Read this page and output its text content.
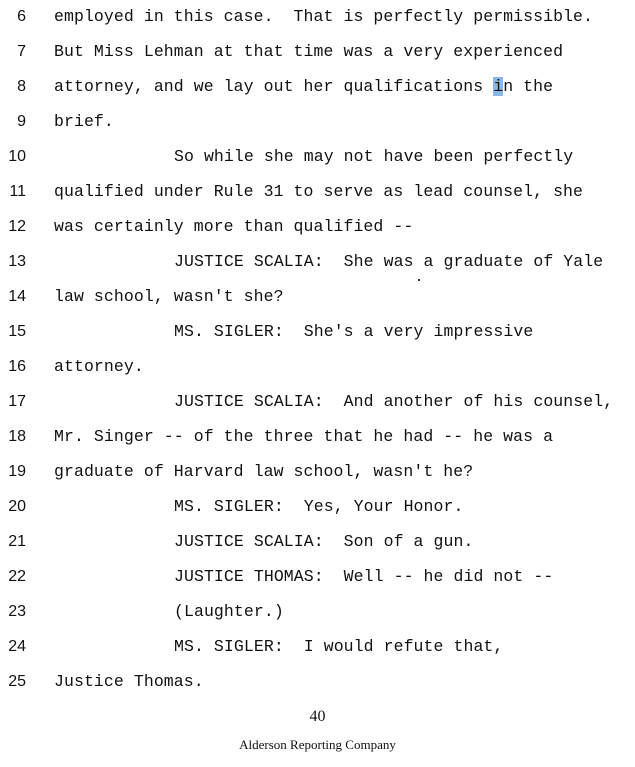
6 employed in this case.  That is perfectly permissible.
7 But Miss Lehman at that time was a very experienced
8 attorney, and we lay out her qualifications in the
9 brief.
10	So while she may not have been perfectly
11 qualified under Rule 31 to serve as lead counsel, she
12 was certainly more than qualified --
13	JUSTICE SCALIA:  She was a graduate of Yale
14 law school, wasn't she?
15	MS. SIGLER:  She's a very impressive
16 attorney.
17	JUSTICE SCALIA:  And another of his counsel,
18 Mr. Singer -- of the three that he had -- he was a
19 graduate of Harvard law school, wasn't he?
20	MS. SIGLER:  Yes, Your Honor.
21	JUSTICE SCALIA:  Son of a gun.
22	JUSTICE THOMAS:  Well -- he did not --
23	(Laughter.)
24	MS. SIGLER:  I would refute that,
25 Justice Thomas.
40
Alderson Reporting Company
